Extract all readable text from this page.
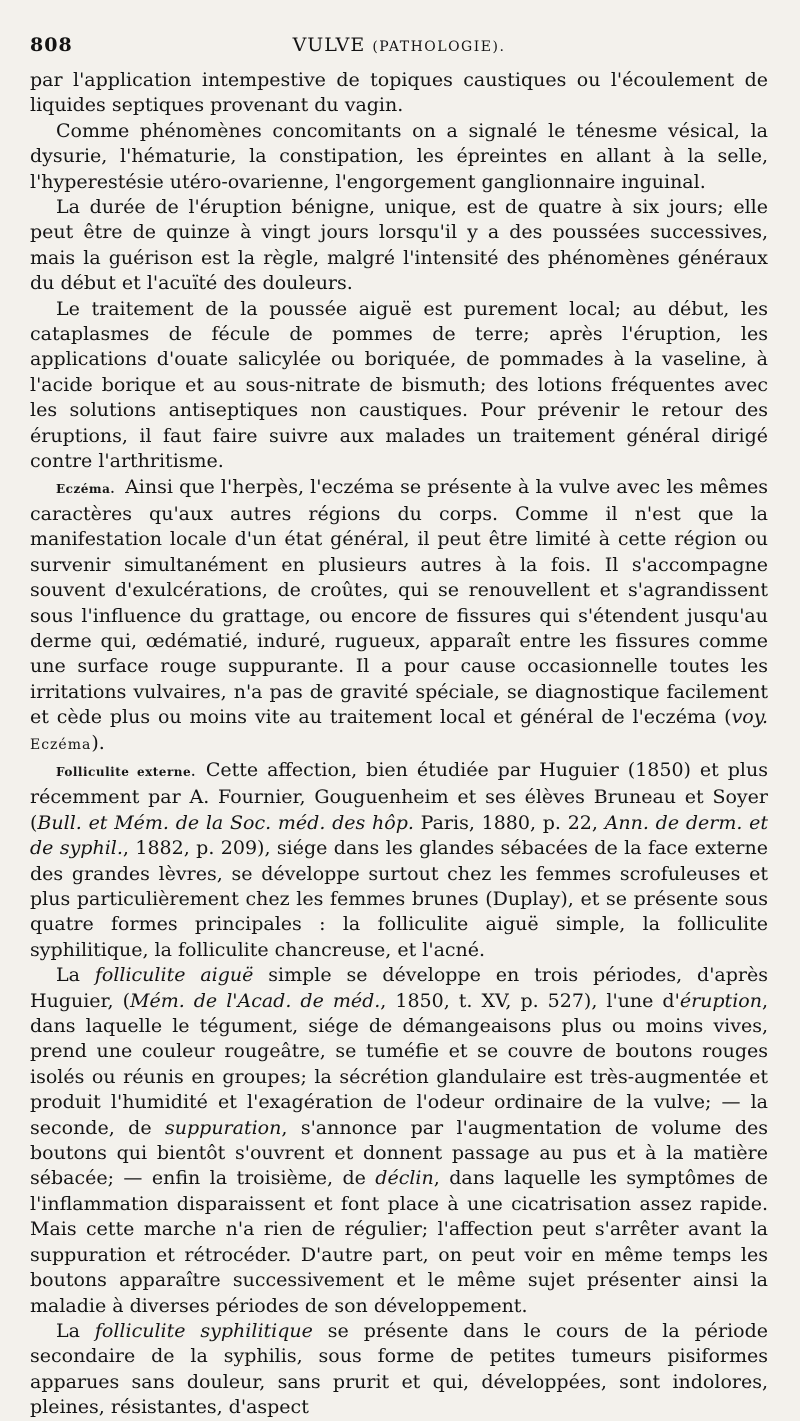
808	VULVE (PATHOLOGIE).

par l'application intempestive de topiques caustiques ou l'écoulement de liquides septiques provenant du vagin.

Comme phénomènes concomitants on a signalé le ténesme vésical, la dysurie, l'hématurie, la constipation, les épreintes en allant à la selle, l'hyperestésie utéro-ovarienne, l'engorgement ganglionnaire inguinal.

La durée de l'éruption bénigne, unique, est de quatre à six jours; elle peut être de quinze à vingt jours lorsqu'il y a des poussées successives, mais la guérison est la règle, malgré l'intensité des phénomènes généraux du début et l'acuïté des douleurs.

Le traitement de la poussée aiguë est purement local; au début, les cataplasmes de fécule de pommes de terre; après l'éruption, les applications d'ouate salicylée ou boriquée, de pommades à la vaseline, à l'acide borique et au sous-nitrate de bismuth; des lotions fréquentes avec les solutions antiseptiques non caustiques. Pour prévenir le retour des éruptions, il faut faire suivre aux malades un traitement général dirigé contre l'arthritisme.

Eczéma. Ainsi que l'herpès, l'eczéma se présente à la vulve avec les mêmes caractères qu'aux autres régions du corps. Comme il n'est que la manifestation locale d'un état général, il peut être limité à cette région ou survenir simultanément en plusieurs autres à la fois. Il s'accompagne souvent d'exulcérations, de croûtes, qui se renouvellent et s'agrandissent sous l'influence du grattage, ou encore de fissures qui s'étendent jusqu'au derme qui, œdématié, induré, rugueux, apparaît entre les fissures comme une surface rouge suppurante. Il a pour cause occasionnelle toutes les irritations vulvaires, n'a pas de gravité spéciale, se diagnostique facilement et cède plus ou moins vite au traitement local et général de l'eczéma (voy. Eczéma).

Folliculite externe. Cette affection, bien étudiée par Huguier (1850) et plus récemment par A. Fournier, Gouguenheim et ses élèves Bruneau et Soyer (Bull. et Mém. de la Soc. méd. des hôp. Paris, 1880, p. 22, Ann. de derm. et de syphil., 1882, p. 209), siége dans les glandes sébacées de la face externe des grandes lèvres, se développe surtout chez les femmes scrofuleuses et plus particulièrement chez les femmes brunes (Duplay), et se présente sous quatre formes principales : la folliculite aiguë simple, la folliculite syphilitique, la folliculite chancreuse, et l'acné.

La folliculite aiguë simple se développe en trois périodes, d'après Huguier, (Mém. de l'Acad. de méd., 1850, t. XV, p. 527), l'une d'éruption, dans laquelle le tégument, siége de démangeaisons plus ou moins vives, prend une couleur rougeâtre, se tuméfie et se couvre de boutons rouges isolés ou réunis en groupes; la sécrétion glandulaire est très-augmentée et produit l'humidité et l'exagération de l'odeur ordinaire de la vulve; — la seconde, de suppuration, s'annonce par l'augmentation de volume des boutons qui bientôt s'ouvrent et donnent passage au pus et à la matière sébacée; — enfin la troisième, de déclin, dans laquelle les symptômes de l'inflammation disparaissent et font place à une cicatrisation assez rapide. Mais cette marche n'a rien de régulier; l'affection peut s'arrêter avant la suppuration et rétrocéder. D'autre part, on peut voir en même temps les boutons apparaître successivement et le même sujet présenter ainsi la maladie à diverses périodes de son développement.

La folliculite syphilitique se présente dans le cours de la période secondaire de la syphilis, sous forme de petites tumeurs pisiformes apparues sans douleur, sans prurit et qui, développées, sont indolores, pleines, résistantes, d'aspect
